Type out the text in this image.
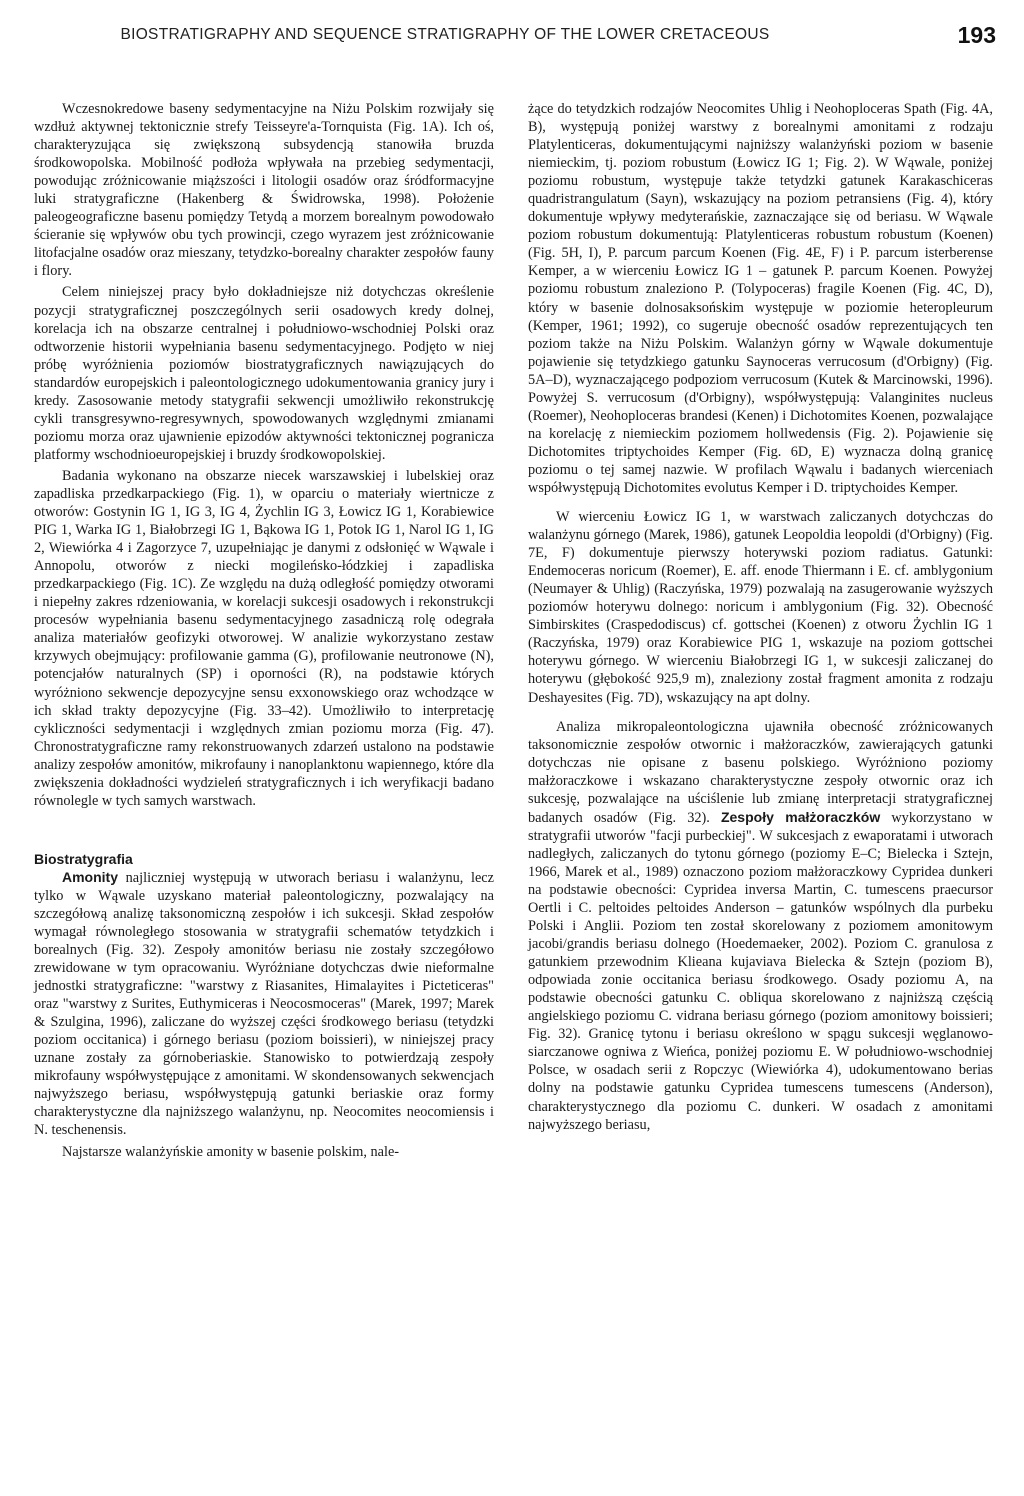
BIOSTRATIGRAPHY AND SEQUENCE STRATIGRAPHY OF THE LOWER CRETACEOUS	193

Wczesnokredowe baseny sedymentacyjne na Niżu Polskim rozwijały się wzdłuż aktywnej tektonicznie strefy Teisseyre'a-Tornquista (Fig. 1A). Ich oś, charakteryzująca się zwiększoną subsydencją stanowiła bruzda środkowopolska. Mobilność podłoża wpływała na przebieg sedymentacji, powodując zróżnicowanie miąższości i litologii osadów oraz śródformacyjne luki stratygraficzne (Hakenberg & Świdrowska, 1998). Położenie paleogeograficzne basenu pomiędzy Tetydą a morzem borealnym powodowało ścieranie się wpływów obu tych prowincji, czego wyrazem jest zróżnicowanie litofacjalne osadów oraz mieszany, tetydzko-borealny charakter zespołów fauny i flory.

Celem niniejszej pracy było dokładniejsze niż dotychczas określenie pozycji stratygraficznej poszczególnych serii osadowych kredy dolnej, korelacja ich na obszarze centralnej i południowo-wschodniej Polski oraz odtworzenie historii wypełniania basenu sedymentacyjnego. Podjęto w niej próbę wyróżnienia poziomów biostratygraficznych nawiązujących do standardów europejskich i paleontologicznego udokumentowania granicy jury i kredy. Zasosowanie metody statygrafii sekwencji umożliwiło rekonstrukcję cykli transgresywno-regresywnych, spowodowanych względnymi zmianami poziomu morza oraz ujawnienie epizodów aktywności tektonicznej pogranicza platformy wschodnioeuropejskiej i bruzdy środkowopolskiej.

Badania wykonano na obszarze niecek warszawskiej i lubelskiej oraz zapadliska przedkarpackiego (Fig. 1), w oparciu o materiały wiertnicze z otworów: Gostynin IG 1, IG 3, IG 4, Żychlin IG 3, Łowicz IG 1, Korabiewice PIG 1, Warka IG 1, Białobrzegi IG 1, Bąkowa IG 1, Potok IG 1, Narol IG 1, IG 2, Wiewiórka 4 i Zagorzyce 7, uzupełniając je danymi z odsłonięć w Wąwale i Annopolu, otworów z niecki mogileńsko-łódzkiej i zapadliska przedkarpackiego (Fig. 1C). Ze względu na dużą odległość pomiędzy otworami i niepełny zakres rdzeniowania, w korelacji sukcesji osadowych i rekonstrukcji procesów wypełniania basenu sedymentacyjnego zasadniczą rolę odegrała analiza materiałów geofizyki otworowej. W analizie wykorzystano zestaw krzywych obejmujący: profilowanie gamma (G), profilowanie neutronowe (N), potencjałów naturalnych (SP) i oporności (R), na podstawie których wyróżniono sekwencje depozycyjne sensu exxonowskiego oraz wchodzące w ich skład trakty depozycyjne (Fig. 33–42). Umożliwiło to interpretację cykliczności sedymentacji i względnych zmian poziomu morza (Fig. 47). Chronostratygraficzne ramy rekonstruowanych zdarzeń ustalono na podstawie analizy zespołów amonitów, mikrofauny i nanoplanktonu wapiennego, które dla zwiększenia dokładności wydzieleń stratygraficznych i ich weryfikacji badano równolegle w tych samych warstwach.

Biostratygrafia

Amonity najliczniej występują w utworach beriasu i walanżynu, lecz tylko w Wąwale uzyskano materiał paleontologiczny, pozwalający na szczegółową analizę taksonomiczną zespołów i ich sukcesji. Skład zespołów wymagał równoległego stosowania w stratygrafii schematów tetydzkich i borealnych (Fig. 32). Zespoły amonitów beriasu nie zostały szczegółowo zrewidowane w tym opracowaniu. Wyróżniane dotychczas dwie nieformalne jednostki stratygraficzne: "warstwy z Riasanites, Himalayites i Picteticeras" oraz "warstwy z Surites, Euthymiceras i Neocosmoceras" (Marek, 1997; Marek & Szulgina, 1996), zaliczane do wyższej części środkowego beriasu (tetydzki poziom occitanica) i górnego beriasu (poziom boissieri), w niniejszej pracy uznane zostały za górnoberiaskie. Stanowisko to potwierdzają zespoły mikrofauny współwystępujące z amonitami. W skondensowanych sekwencjach najwyższego beriasu, współwystępują gatunki beriaskie oraz formy charakterystyczne dla najniższego walanżynu, np. Neocomites neocomiensis i N. teschenensis.

Najstarsze walanżyńskie amonity w basenie polskim, nale-

żące do tetydzkich rodzajów Neocomites Uhlig i Neohoploceras Spath (Fig. 4A, B), występują poniżej warstwy z borealnymi amonitami z rodzaju Platylenticeras, dokumentującymi najniższy walanżyński poziom w basenie niemieckim, tj. poziom robustum (Łowicz IG 1; Fig. 2). W Wąwale, poniżej poziomu robustum, występuje także tetydzki gatunek Karakaschiceras quadristrangulatum (Sayn), wskazujący na poziom petransiens (Fig. 4), który dokumentuje wpływy medyterańskie, zaznaczające się od beriasu. W Wąwale poziom robustum dokumentują: Platylenticeras robustum robustum (Koenen) (Fig. 5H, I), P. parcum parcum Koenen (Fig. 4E, F) i P. parcum isterberense Kemper, a w wierceniu Łowicz IG 1 – gatunek P. parcum Koenen. Powyżej poziomu robustum znaleziono P. (Tolypoceras) fragile Koenen (Fig. 4C, D), który w basenie dolnosaksońskim występuje w poziomie heteropleurum (Kemper, 1961; 1992), co sugeruje obecność osadów reprezentujących ten poziom także na Niżu Polskim. Walanżyn górny w Wąwale dokumentuje pojawienie się tetydzkiego gatunku Saynoceras verrucosum (d'Orbigny) (Fig. 5A–D), wyznaczającego podpoziom verrucosum (Kutek & Marcinowski, 1996). Powyżej S. verrucosum (d'Orbigny), współwystępują: Valanginites nucleus (Roemer), Neohoploceras brandesi (Kenen) i Dichotomites Koenen, pozwalające na korelację z niemieckim poziomem hollwedensis (Fig. 2). Pojawienie się Dichotomites triptychoides Kemper (Fig. 6D, E) wyznacza dolną granicę poziomu o tej samej nazwie. W profilach Wąwalu i badanych wierceniach współwystępują Dichotomites evolutus Kemper i D. triptychoides Kemper.

W wierceniu Łowicz IG 1, w warstwach zaliczanych dotychczas do walanżynu górnego (Marek, 1986), gatunek Leopoldia leopoldi (d'Orbigny) (Fig. 7E, F) dokumentuje pierwszy hoterywski poziom radiatus. Gatunki: Endemoceras noricum (Roemer), E. aff. enode Thiermann i E. cf. amblygonium (Neumayer & Uhlig) (Raczyńska, 1979) pozwalają na zasugerowanie wyższych poziomów hoterywu dolnego: noricum i amblygonium (Fig. 32). Obecność Simbirskites (Craspedodiscus) cf. gottschei (Koenen) z otworu Żychlin IG 1 (Raczyńska, 1979) oraz Korabiewice PIG 1, wskazuje na poziom gottschei hoterywu górnego. W wierceniu Białobrzegi IG 1, w sukcesji zaliczanej do hoterywu (głębokość 925,9 m), znaleziony został fragment amonita z rodzaju Deshayesites (Fig. 7D), wskazujący na apt dolny.

Analiza mikropaleontologiczna ujawniła obecność zróżnicowanych taksonomicznie zespołów otwornic i małżoraczków, zawierających gatunki dotychczas nie opisane z basenu polskiego. Wyróżniono poziomy małżoraczkowe i wskazano charakterystyczne zespoły otwornic oraz ich sukcesję, pozwalające na uściślenie lub zmianę interpretacji stratygraficznej badanych osadów (Fig. 32). Zespoły małżoraczków wykorzystano w stratygrafii utworów "facji purbeckiej". W sukcesjach z ewaporatami i utworach nadległych, zaliczanych do tytonu górnego (poziomy E–C; Bielecka i Sztejn, 1966, Marek et al., 1989) oznaczono poziom małżoraczkowy Cypridea dunkeri na podstawie obecności: Cypridea inversa Martin, C. tumescens praecursor Oertli i C. peltoides peltoides Anderson – gatunków wspólnych dla purbeku Polski i Anglii. Poziom ten został skorelowany z poziomem amonitowym jacobi/grandis beriasu dolnego (Hoedemaeker, 2002). Poziom C. granulosa z gatunkiem przewodnim Klieana kujaviava Bielecka & Sztejn (poziom B), odpowiada zonie occitanica beriasu środkowego. Osady poziomu A, na podstawie obecności gatunku C. obliqua skorelowano z najniższą częścią angielskiego poziomu C. vidrana beriasu górnego (poziom amonitowy boissieri; Fig. 32). Granicę tytonu i beriasu określono w spągu sukcesji węglanowo-siarczanowe ogniwa z Wieńca, poniżej poziomu E. W południowo-wschodniej Polsce, w osadach serii z Ropczyc (Wiewiórka 4), udokumentowano berias dolny na podstawie gatunku Cypridea tumescens tumescens (Anderson), charakterystycznego dla poziomu C. dunkeri. W osadach z amonitami najwyższego beriasu,
